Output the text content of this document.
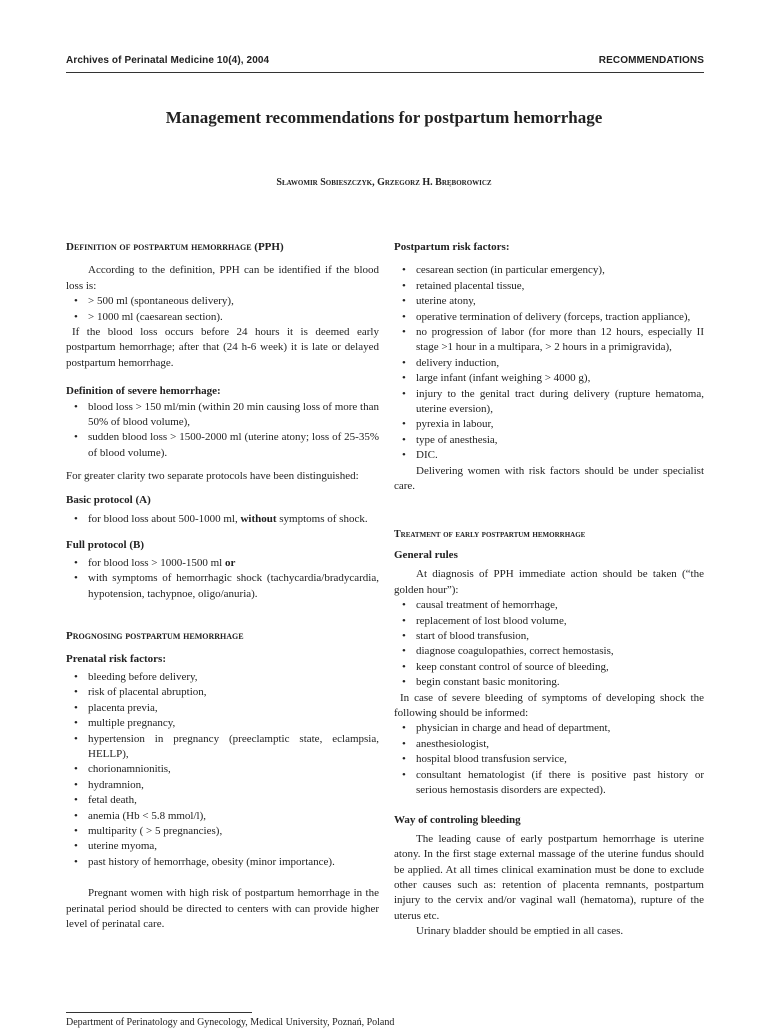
Archives of Perinatal Medicine 10(4), 2004	RECOMMENDATIONS
Management recommendations for postpartum hemorrhage
Sławomir Sobieszczyk, Grzegorz H. Bręborowicz

Definition of postpartum hemorrhage (PPH)

According to the definition, PPH can be identified if the blood loss is:

• > 500 ml (spontaneous delivery),
• > 1000 ml (caesarean section).

If the blood loss occurs before 24 hours it is deemed early postpartum hemorrhage; after that (24 h-6 week) it is late or delayed postpartum hemorrhage.

Definition of severe hemorrhage:

• blood loss > 150 ml/min (within 20 min causing loss of more than 50% of blood volume),
• sudden blood loss > 1500-2000 ml (uterine atony; loss of 25-35% of blood volume).

For greater clarity two separate protocols have been distinguished:

Basic protocol (A)

• for blood loss about 500-1000 ml, without symptoms of shock.

Full protocol (B)

• for blood loss > 1000-1500 ml or
• with symptoms of hemorrhagic shock (tachycardia/bradycardia, hypotension, tachypnoe, oligo/anuria).

Prognosing postpartum hemorrhage

Prenatal risk factors:

• bleeding before delivery,
• risk of placental abruption,
• placenta previa,
• multiple pregnancy,
• hypertension in pregnancy (preeclamptic state, eclampsia, HELLP),
• chorionamnionitis,
• hydramnion,
• fetal death,
• anemia (Hb < 5.8 mmol/l),
• multiparity ( > 5 pregnancies),
• uterine myoma,
• past history of hemorrhage, obesity (minor importance).

Pregnant women with high risk of postpartum hemorrhage in the perinatal period should be directed to centers with can provide higher level of perinatal care.

Postpartum risk factors:

• cesarean section (in particular emergency),
• retained placental tissue,
• uterine atony,
• operative termination of delivery (forceps, traction appliance),
• no progression of labor (for more than 12 hours, especially II stage >1 hour in a multipara, > 2 hours in a primigravida),
• delivery induction,
• large infant (infant weighing > 4000 g),
• injury to the genital tract during delivery (rupture hematoma, uterine eversion),
• pyrexia in labour,
• type of anesthesia,
• DIC.

Delivering women with risk factors should be under specialist care.

Treatment of early postpartum hemorrhage

General rules

At diagnosis of PPH immediate action should be taken (“the golden hour”):

• causal treatment of hemorrhage,
• replacement of lost blood volume,
• start of blood transfusion,
• diagnose coagulopathies, correct hemostasis,
• keep constant control of source of bleeding,
• begin constant basic monitoring.

In case of severe bleeding of symptoms of developing shock the following should be informed:

• physician in charge and head of department,
• anesthesiologist,
• hospital blood transfusion service,
• consultant hematologist (if there is positive past history or serious hemostasis disorders are expected).

Way of controling bleeding

The leading cause of early postpartum hemorrhage is uterine atony. In the first stage external massage of the uterine fundus should be applied. At all times clinical examination must be done to exclude other causes such as: retention of placenta remnants, postpartum injury to the cervix and/or vaginal wall (hematoma), rupture of the uterus etc.

Urinary bladder should be emptied in all cases.

Department of Perinatology and Gynecology, Medical University, Poznań, Poland
